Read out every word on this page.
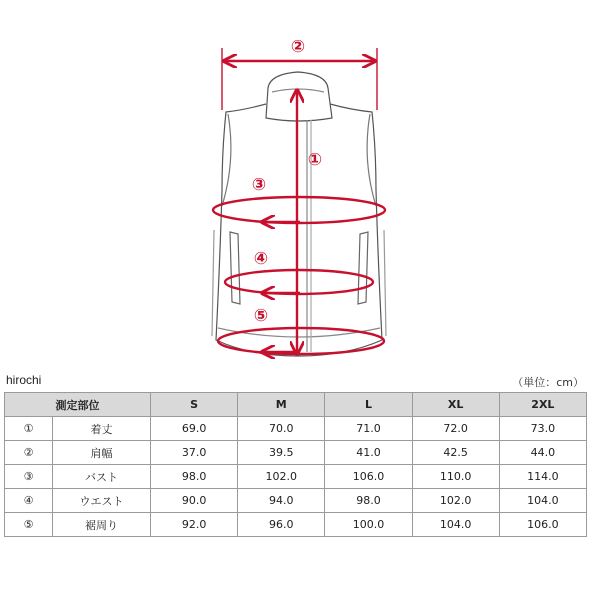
②
①
③
④
⑤
hirochi	（単位：cm）
測定部位		S	M	L	XL	2XL
①	着丈	69.0	70.0	71.0	72.0	73.0
②	肩幅	37.0	39.5	41.0	42.5	44.0
③	バスト	98.0	102.0	106.0	110.0	114.0
④	ウエスト	90.0	94.0	98.0	102.0	104.0
⑤	裾周り	92.0	96.0	100.0	104.0	106.0
